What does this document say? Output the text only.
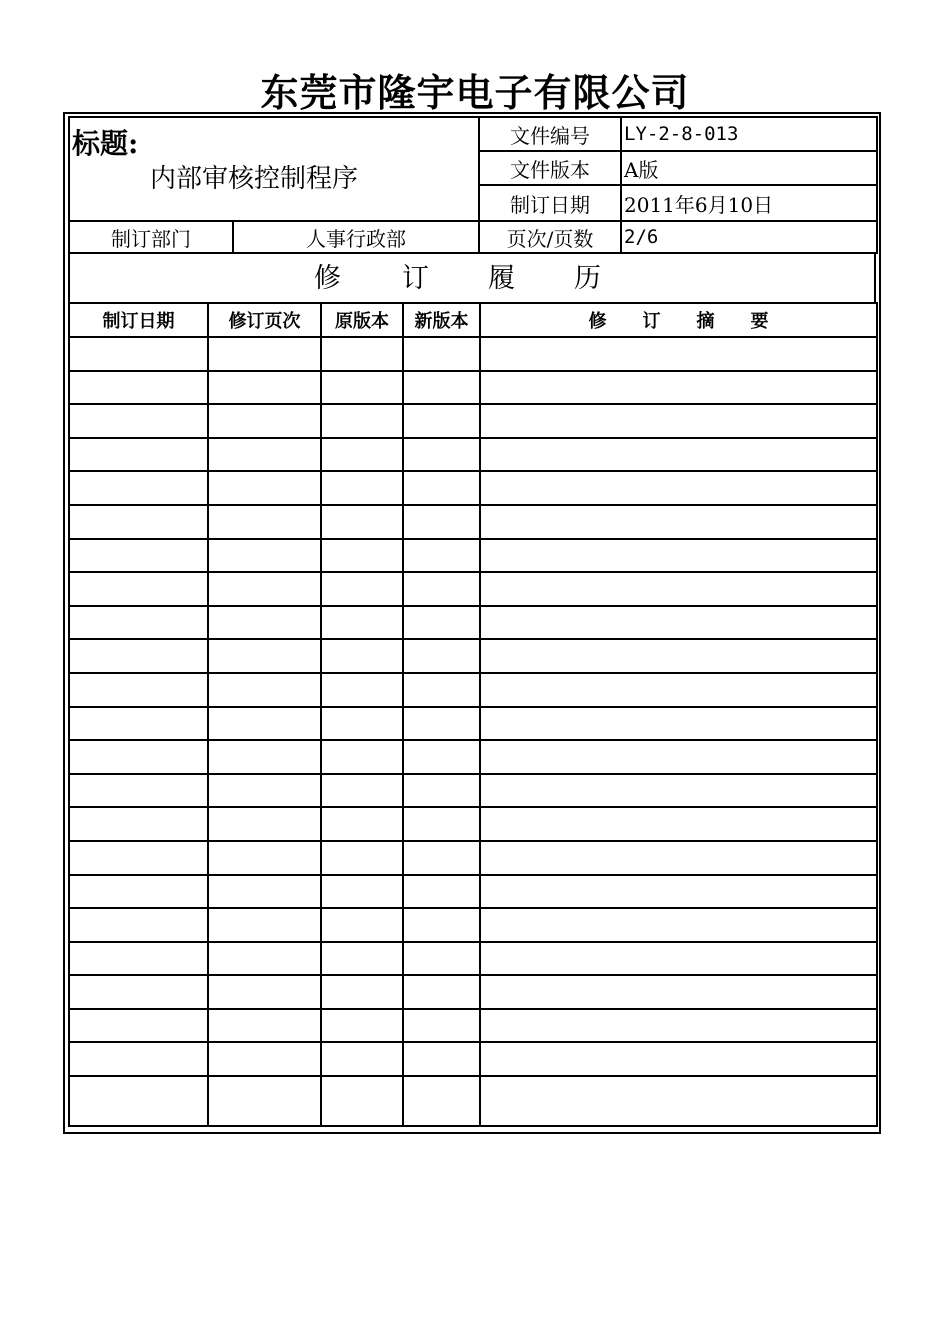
东莞市隆宇电子有限公司
标题:
内部审核控制程序		文件编号	LY-2-8-013
		文件版本	A版
		制订日期	2011年6月10日
制订部门	人事行政部	页次/页数	2/6
修 订 履 历
制订日期	修订页次	原版本	新版本	修　　订　　摘　　要
